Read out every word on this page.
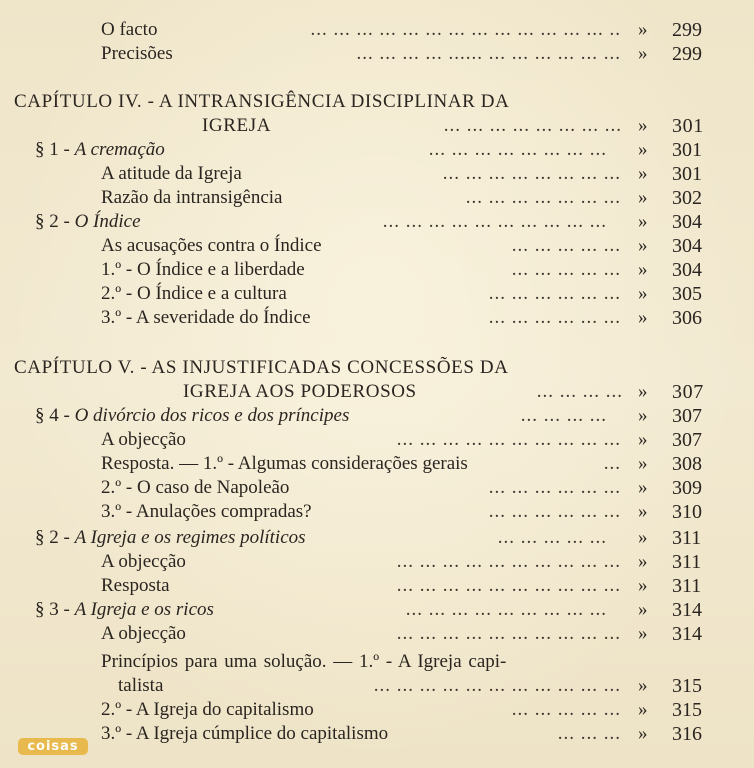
O facto	.. ... ... ... ... ... ... ... ... ... ... ... ... ... » 299
Precisões	... ... ... ... ... ... ...... ... ... ... ... » 299
CAPÍTULO IV. - A INTRANSIGÊNCIA DISCIPLINAR DA
IGREJA	... ... ... ... ... ... ... ... » 301
§ 1 - A cremação	... ... ... ... ... ... ... ... » 301
A atitude da Igreja	... ... ... ... ... ... ... ... » 301
Razão da intransigência	... ... ... ... ... ... ... » 302
§ 2 - O Índice	... ... ... ... ... ... ... ... ... ... » 304
As acusações contra o Índice	... ... ... ... ... » 304
1.º - O Índice e a liberdade	... ... ... ... ... » 304
2.º - O Índice e a cultura	... ... ... ... ... ... » 305
3.º - A severidade do Índice	... ... ... ... ... ... » 306
CAPÍTULO V. - AS INJUSTIFICADAS CONCESSÕES DA
IGREJA AOS PODEROSOS	... ... ... ... » 307
§ 4 - O divórcio dos ricos e dos príncipes	... ... ... ... » 307
A objecção	... ... ... ... ... ... ... ... ... ... » 307
Resposta. — 1.º - Algumas considerações gerais	... » 308
2.º - O caso de Napoleão	... ... ... ... ... ... » 309
3.º - Anulações compradas?	... ... ... ... ... ... » 310
§ 2 - A Igreja e os regimes políticos	... ... ... ... ... » 311
A objecção	... ... ... ... ... ... ... ... ... ... » 311
Resposta	... ... ... ... ... ... ... ... ... ... » 311
§ 3 - A Igreja e os ricos	... ... ... ... ... ... ... ... ... » 314
A objecção	... ... ... ... ... ... ... ... ... ... » 314
Princípios para uma solução. — 1.º - A Igreja capi-
talista	... ... ... ... ... ... ... ... ... ... ... » 315
2.º - A Igreja do capitalismo	... ... ... ... ... » 315
3.º - A Igreja cúmplice do capitalismo	... ... ... » 316
coisas
